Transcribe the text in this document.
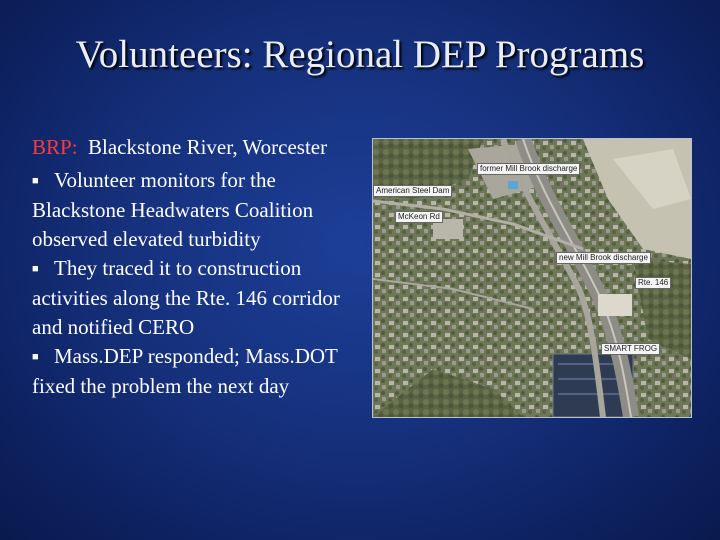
Volunteers: Regional DEP Programs

BRP: Blackstone River, Worcester

■ Volunteer monitors for the Blackstone Headwaters Coalition observed elevated turbidity

■ They traced it to construction activities along the Rte. 146 corridor and notified CERO

■ Mass.DEP responded; Mass.DOT fixed the problem the next day

former Mill Brook discharge
American Steel Dam
McKeon Rd
new Mill Brook discharge
Rte. 146
SMART FROG
